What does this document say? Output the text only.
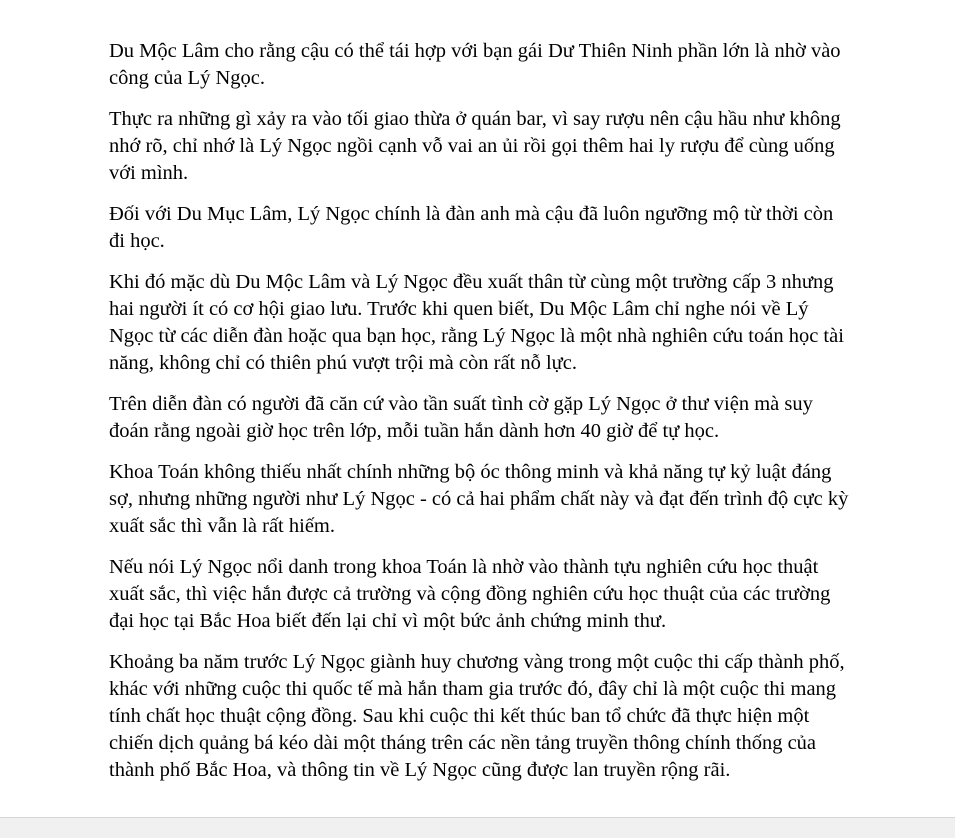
Du Mộc Lâm cho rằng cậu có thể tái hợp với bạn gái Dư Thiên Ninh phần lớn là nhờ vào công của Lý Ngọc.

Thực ra những gì xảy ra vào tối giao thừa ở quán bar, vì say rượu nên cậu hầu như không nhớ rõ, chỉ nhớ là Lý Ngọc ngồi cạnh vỗ vai an ủi rồi gọi thêm hai ly rượu để cùng uống với mình.

Đối với Du Mục Lâm, Lý Ngọc chính là đàn anh mà cậu đã luôn ngưỡng mộ từ thời còn đi học.

Khi đó mặc dù Du Mộc Lâm và Lý Ngọc đều xuất thân từ cùng một trường cấp 3 nhưng hai người ít có cơ hội giao lưu. Trước khi quen biết, Du Mộc Lâm chỉ nghe nói về Lý Ngọc từ các diễn đàn hoặc qua bạn học, rằng Lý Ngọc là một nhà nghiên cứu toán học tài năng, không chỉ có thiên phú vượt trội mà còn rất nỗ lực.

Trên diễn đàn có người đã căn cứ vào tần suất tình cờ gặp Lý Ngọc ở thư viện mà suy đoán rằng ngoài giờ học trên lớp, mỗi tuần hắn dành hơn 40 giờ để tự học.

Khoa Toán không thiếu nhất chính những bộ óc thông minh và khả năng tự kỷ luật đáng sợ, nhưng những người như Lý Ngọc - có cả hai phẩm chất này và đạt đến trình độ cực kỳ xuất sắc thì vẫn là rất hiếm.

Nếu nói Lý Ngọc nổi danh trong khoa Toán là nhờ vào thành tựu nghiên cứu học thuật xuất sắc, thì việc hắn được cả trường và cộng đồng nghiên cứu học thuật của các trường đại học tại Bắc Hoa biết đến lại chỉ vì một bức ảnh chứng minh thư.

Khoảng ba năm trước Lý Ngọc giành huy chương vàng trong một cuộc thi cấp thành phố, khác với những cuộc thi quốc tế mà hắn tham gia trước đó, đây chỉ là một cuộc thi mang tính chất học thuật cộng đồng. Sau khi cuộc thi kết thúc ban tổ chức đã thực hiện một chiến dịch quảng bá kéo dài một tháng trên các nền tảng truyền thông chính thống của thành phố Bắc Hoa, và thông tin về Lý Ngọc cũng được lan truyền rộng rãi.
